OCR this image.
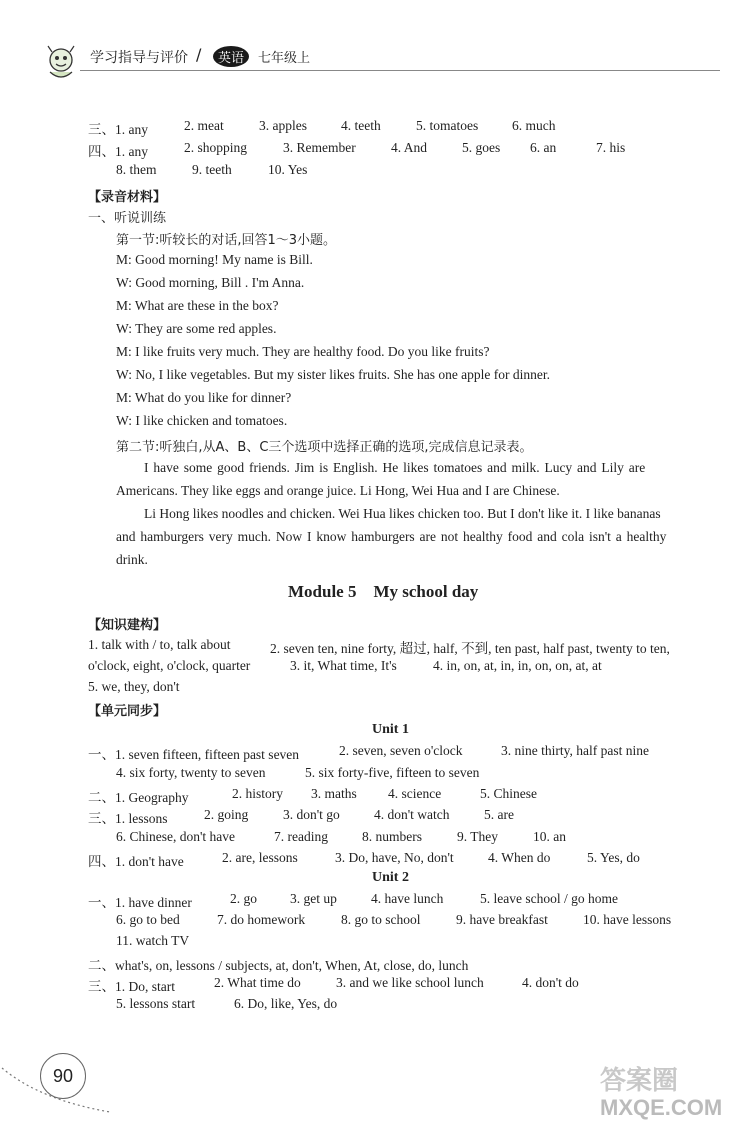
学习指导与评价 /	英语	七年级上
三、1. any	2. meat	3. apples	4. teeth	5. tomatoes	6. much
四、1. any	2. shopping	3. Remember	4. And	5. goes 6. an	7. his
8. them	9. teeth	10. Yes
【录音材料】
一、听说训练
第一节:听较长的对话,回答1～3小题。
M: Good morning! My name is Bill.
W: Good morning, Bill . I'm Anna.
M: What are these in the box?
W: They are some red apples.
M: I like fruits very much. They are healthy food. Do you like fruits?
W: No, I like vegetables. But my sister likes fruits. She has one apple for dinner.
M: What do you like for dinner?
W: I like chicken and tomatoes.
第二节:听独白,从A、B、C三个选项中选择正确的选项,完成信息记录表。
I have some good friends. Jim is English. He likes tomatoes and milk. Lucy and Lily are
Americans. They like eggs and orange juice. Li Hong, Wei Hua and I are Chinese.
Li Hong likes noodles and chicken. Wei Hua likes chicken too. But I don't like it. I like bananas
and hamburgers very much. Now I know hamburgers are not healthy food and cola isn't a healthy
drink.
Module 5    My school day
【知识建构】
1. talk with / to, talk about	2. seven ten, nine forty, 超过, half, 不到, ten past, half past, twenty to ten,
o'clock, eight, o'clock, quarter	3. it, What time, It's	4. in, on, at, in, in, on, on, at, at
5. we, they, don't
【单元同步】
Unit 1
一、1. seven fifteen, fifteen past seven	2. seven, seven o'clock	3. nine thirty, half past nine
4. six forty, twenty to seven	5. six forty-five, fifteen to seven
二、1. Geography	2. history 3. maths 4. science	5. Chinese
三、1. lessons	2. going	3. don't go	4. don't watch	5. are
6. Chinese, don't have	7. reading	8. numbers	9. They	10. an
四、1. don't have	2. are, lessons	3. Do, have, No, don't	4. When do	5. Yes, do
Unit 2
一、1. have dinner	2. go 3. get up	4. have lunch	5. leave school / go home
6. go to bed	7. do homework	8. go to school	9. have breakfast	10. have lessons
11. watch TV
二、what's, on, lessons / subjects, at, don't, When, At, close, do, lunch
三、1. Do, start	2. What time do	3. and we like school lunch	4. don't do
5. lessons start	6. Do, like, Yes, do
90	答案圈
MXQE.COM
